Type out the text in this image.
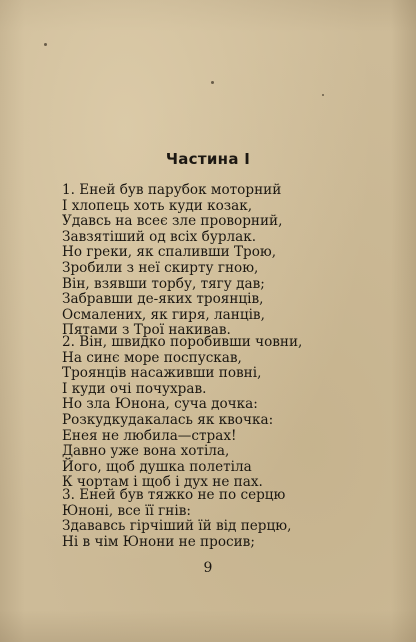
Частина І
1. Еней був парубок моторний
І хлопець хоть куди козак,
Удавсь на всеє зле проворний,
Завзятіший од всіх бурлак.
Но греки, як спаливши Трою,
Зробили з неї скирту гною,
Він, взявши торбу, тягу дав;
Забравши де-яких троянців,
Осмалених, як гиря, ланців,
Пятами з Трої накивав.
2. Він, швидко поробивши човни,
На синє море поспускав,
Троянців насаживши повні,
І куди очі почухрав.
Но зла Юнона, суча дочка:
Розкудкудакалась як квочка:
Енея не любила—страх!
Давно уже вона хотіла,
Його, щоб душка полетіла
К чортам і щоб і дух не пах.
3. Еней був тяжко не по серцю
Юноні, все її гнів:
Здававсь гірчіший їй від перцю,
Ні в чім Юнони не просив;
9
